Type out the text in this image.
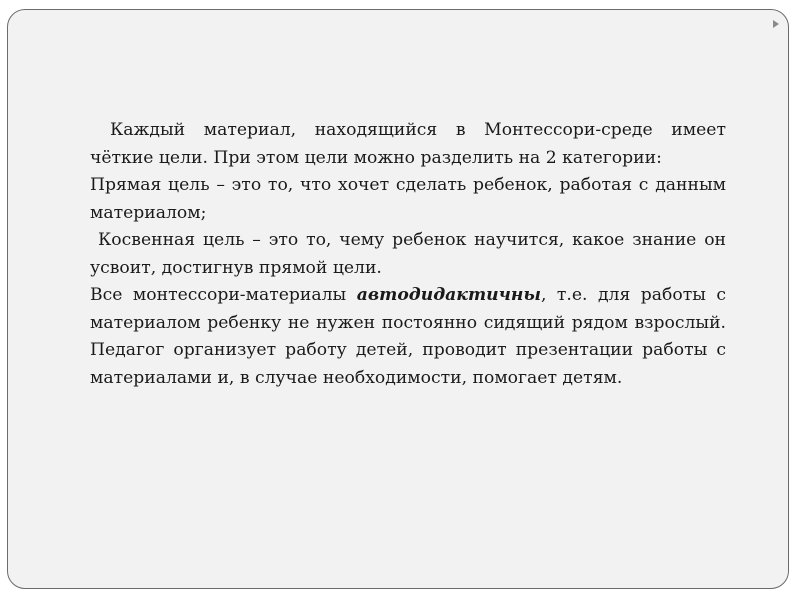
Каждый материал, находящийся в Монтессори-среде имеет чёткие цели. При этом цели можно разделить на 2 категории:

Прямая цель – это то, что хочет сделать ребенок, работая с данным материалом;

Косвенная цель – это то, чему ребенок научится, какое знание он усвоит, достигнув прямой цели.

Все монтессори-материалы автодидактичны, т.е. для работы с материалом ребенку не нужен постоянно сидящий рядом взрослый. Педагог организует работу детей, проводит презентации работы с материалами и, в случае необходимости, помогает детям.
